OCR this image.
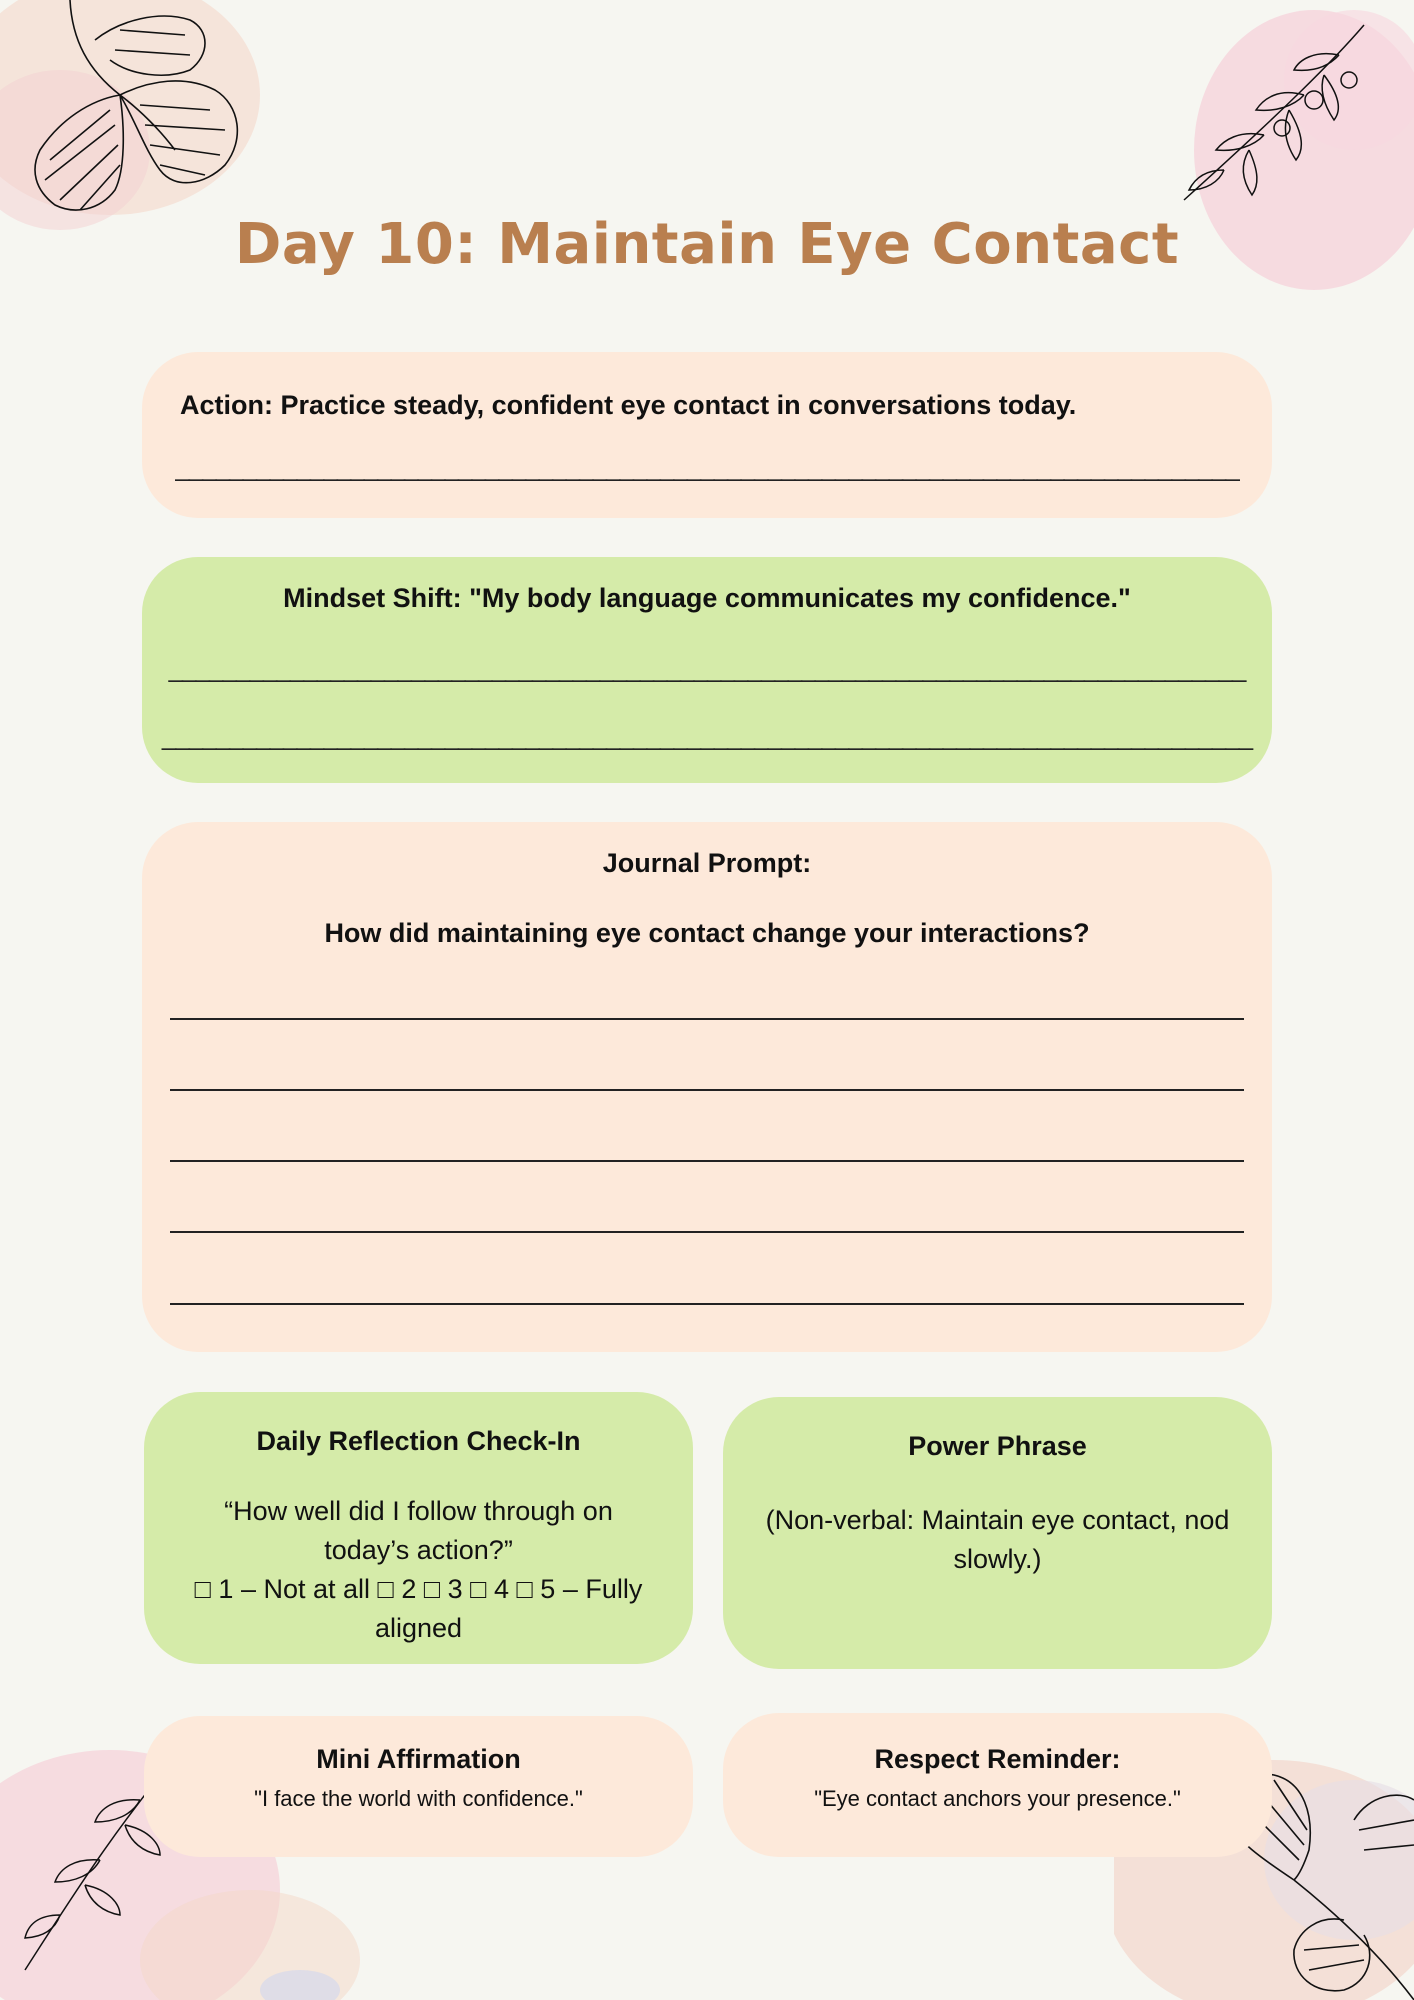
Day 10: Maintain Eye Contact
Action: Practice steady, confident eye contact in conversations today.
_______________________________________________________________________________
Mindset Shift: "My body language communicates my confidence."
________________________________________________________________________________
_________________________________________________________________________________
Journal Prompt:
How did maintaining eye contact change your interactions?
Daily Reflection Check-In
“How well did I follow through on today’s action?”
□ 1 – Not at all □ 2 □ 3 □ 4 □ 5 – Fully aligned
Power Phrase
(Non-verbal: Maintain eye contact, nod slowly.)
Mini Affirmation
"I face the world with confidence."
Respect Reminder:
"Eye contact anchors your presence."
